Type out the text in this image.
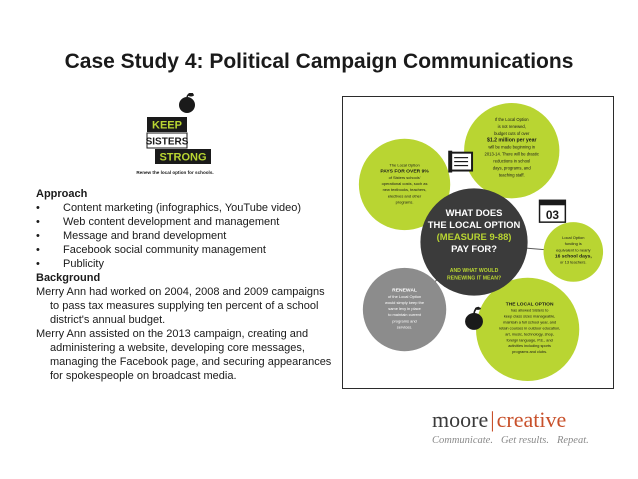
Case Study 4: Political Campaign Communications
KEEP
SISTERS
STRONG
Renew the local option for schools.
Approach
• Content marketing (infographics, YouTube video)
• Web content development and management
• Message and brand development
• Facebook social community management
• Publicity
Background

Merry Ann had worked on 2004, 2008 and 2009 campaigns to pass tax measures supplying ten percent of a school district's annual budget.

Merry Ann assisted on the 2013 campaign, creating and administering a website, developing core messages, managing the Facebook page, and securing appearances for spokespeople on broadcast media.

The Local Option
PAYS FOR OVER 9%
of Sisters schools'
operational costs, such as
new textbooks, teachers,
electives and other
programs.
If the Local Option
is not renewed,
budget cuts of over
$1.2 million per year
will be made beginning in
2013-14. There will be drastic
reductions in school
days, programs, and
teaching staff.
Local Option
funding is
equivalent to nearly
16 school days,
or 13 teachers.
RENEWAL
of the Local Option
would simply keep the
same levy in place
to maintain current
programs and
services.
THE LOCAL OPTION
has allowed Sisters to
keep class sizes manageable,
maintain a full school year, and
retain courses in outdoor education,
art, music, technology, shop,
foreign language, P.E., and
activities including sports
programs and clubs.
WHAT DOES
THE LOCAL OPTION
(MEASURE 9-88)
PAY FOR?
AND WHAT WOULD
RENEWING IT MEAN?
03
moore|creative
Communicate. Get results. Repeat.
